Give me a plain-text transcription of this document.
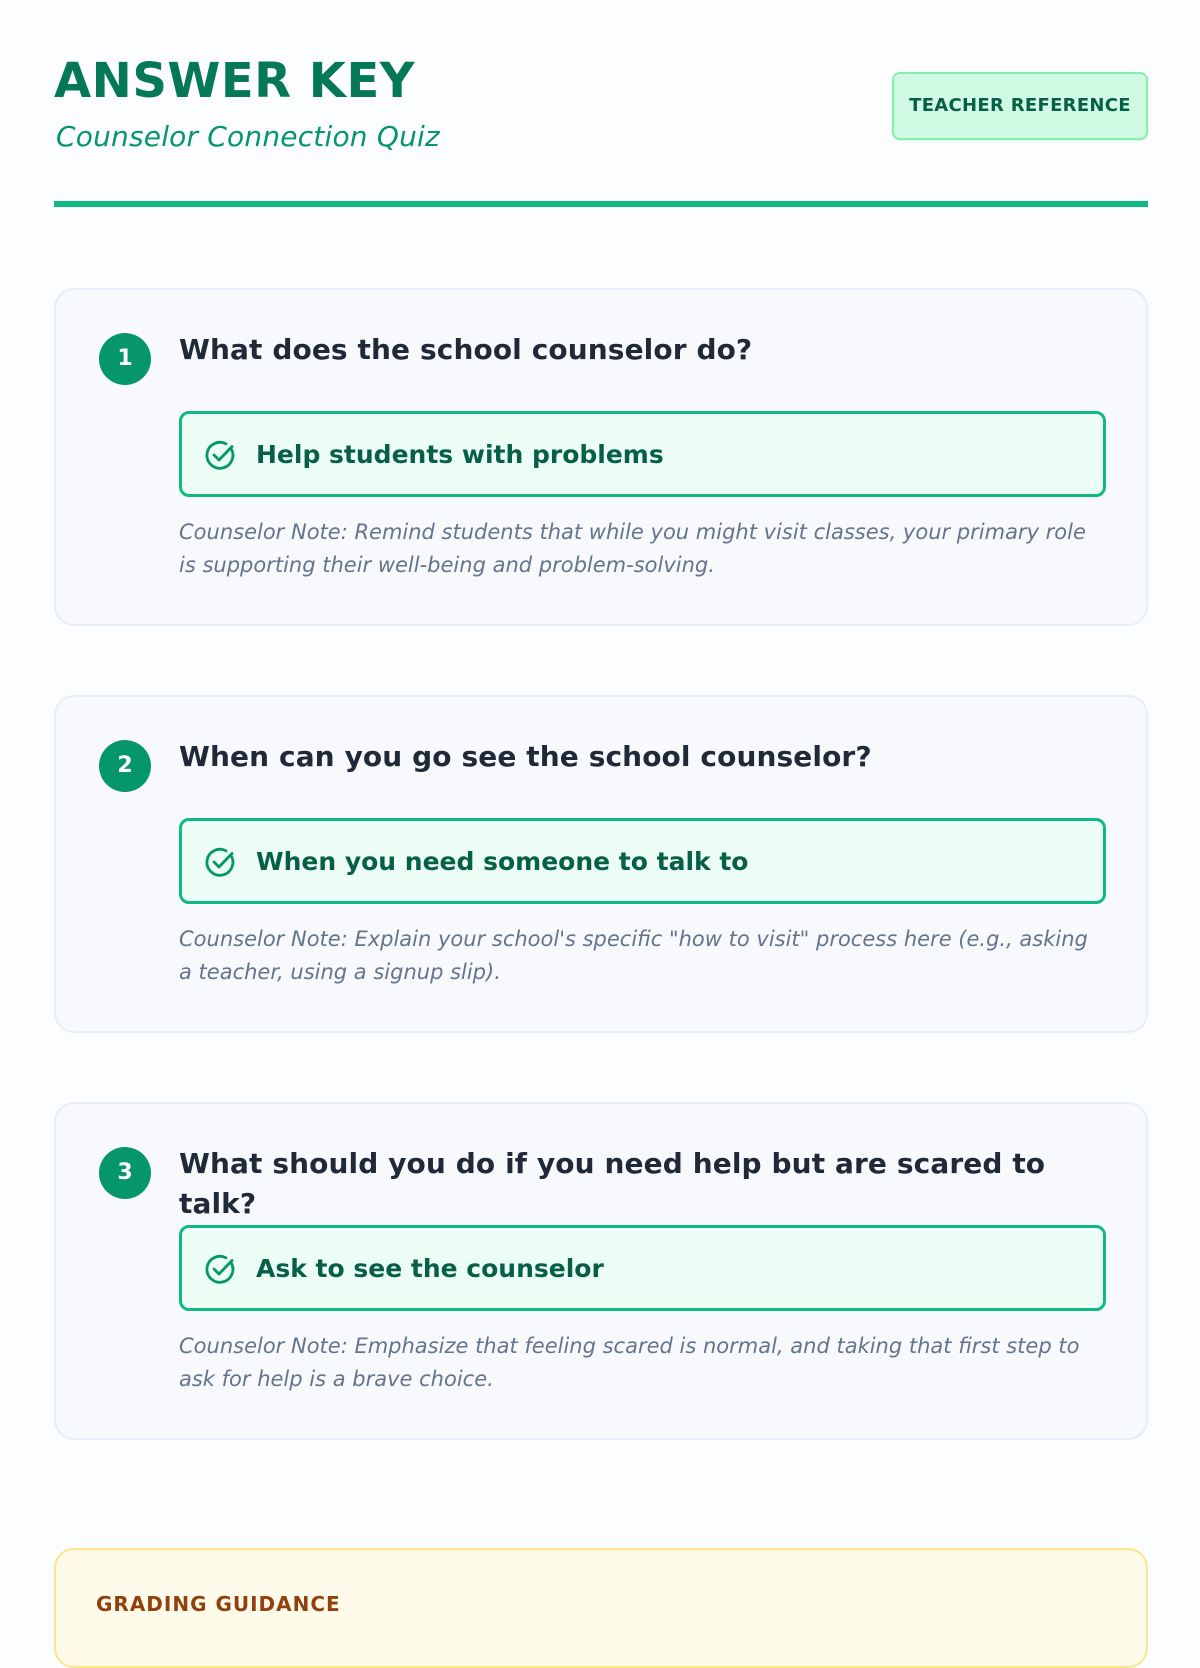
ANSWER KEY

Counselor Connection Quiz

TEACHER REFERENCE
1	What does the school counselor do?
Help students with problems

Counselor Note: Remind students that while you might visit classes, your primary role is supporting their well-being and problem-solving.

2	When can you go see the school counselor?
When you need someone to talk to

Counselor Note: Explain your school's specific "how to visit" process here (e.g., asking a teacher, using a signup slip).

3	What should you do if you need help but are scared to talk?
Ask to see the counselor

Counselor Note: Emphasize that feeling scared is normal, and taking that first step to ask for help is a brave choice.

GRADING GUIDANCE
